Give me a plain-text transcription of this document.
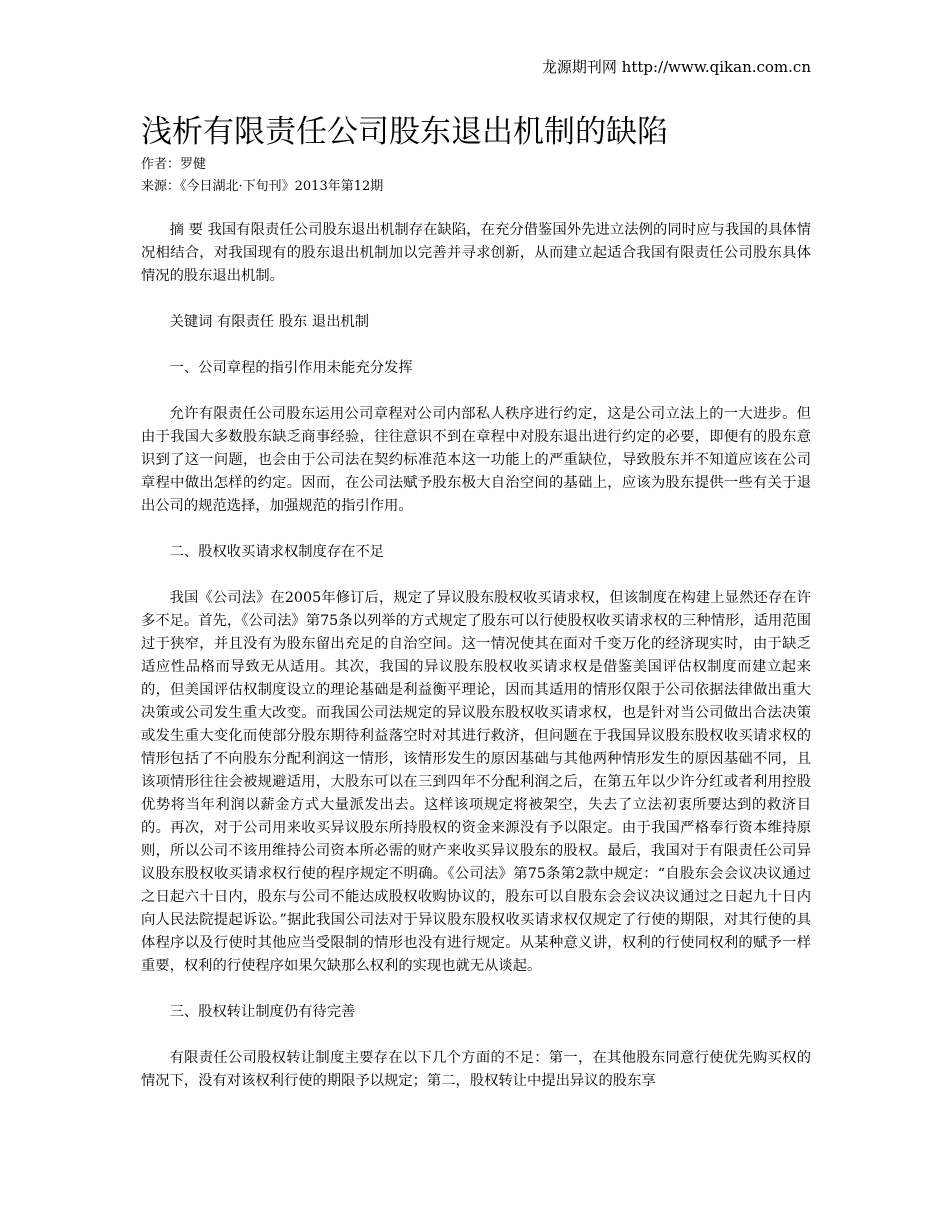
龙源期刊网 http://www.qikan.com.cn
浅析有限责任公司股东退出机制的缺陷
作者：罗健
来源：《今日湖北·下旬刊》2013年第12期

摘 要 我国有限责任公司股东退出机制存在缺陷，在充分借鉴国外先进立法例的同时应与我国的具体情况相结合，对我国现有的股东退出机制加以完善并寻求创新，从而建立起适合我国有限责任公司股东具体情况的股东退出机制。

关键词 有限责任 股东 退出机制

一、公司章程的指引作用未能充分发挥

允许有限责任公司股东运用公司章程对公司内部私人秩序进行约定，这是公司立法上的一大进步。但由于我国大多数股东缺乏商事经验，往往意识不到在章程中对股东退出进行约定的必要，即便有的股东意识到了这一问题，也会由于公司法在契约标准范本这一功能上的严重缺位，导致股东并不知道应该在公司章程中做出怎样的约定。因而，在公司法赋予股东极大自治空间的基础上，应该为股东提供一些有关于退出公司的规范选择，加强规范的指引作用。

二、股权收买请求权制度存在不足

我国《公司法》在2005年修订后，规定了异议股东股权收买请求权，但该制度在构建上显然还存在许多不足。首先，《公司法》第75条以列举的方式规定了股东可以行使股权收买请求权的三种情形，适用范围过于狭窄，并且没有为股东留出充足的自治空间。这一情况使其在面对千变万化的经济现实时，由于缺乏适应性品格而导致无从适用。其次，我国的异议股东股权收买请求权是借鉴美国评估权制度而建立起来的，但美国评估权制度设立的理论基础是利益衡平理论，因而其适用的情形仅限于公司依据法律做出重大决策或公司发生重大改变。而我国公司法规定的异议股东股权收买请求权，也是针对当公司做出合法决策或发生重大变化而使部分股东期待利益落空时对其进行救济，但问题在于我国异议股东股权收买请求权的情形包括了不向股东分配利润这一情形，该情形发生的原因基础与其他两种情形发生的原因基础不同，且该项情形往往会被规避适用，大股东可以在三到四年不分配利润之后，在第五年以少许分红或者利用控股优势将当年利润以薪金方式大量派发出去。这样该项规定将被架空，失去了立法初衷所要达到的救济目的。再次，对于公司用来收买异议股东所持股权的资金来源没有予以限定。由于我国严格奉行资本维持原则，所以公司不该用维持公司资本所必需的财产来收买异议股东的股权。最后，我国对于有限责任公司异议股东股权收买请求权行使的程序规定不明确。《公司法》第75条第2款中规定：“自股东会会议决议通过之日起六十日内，股东与公司不能达成股权收购协议的，股东可以自股东会会议决议通过之日起九十日内向人民法院提起诉讼。”据此我国公司法对于异议股东股权收买请求权仅规定了行使的期限，对其行使的具体程序以及行使时其他应当受限制的情形也没有进行规定。从某种意义讲，权利的行使同权利的赋予一样重要，权利的行使程序如果欠缺那么权利的实现也就无从谈起。

三、股权转让制度仍有待完善

有限责任公司股权转让制度主要存在以下几个方面的不足：第一，在其他股东同意行使优先购买权的情况下，没有对该权利行使的期限予以规定；第二，股权转让中提出异议的股东享
